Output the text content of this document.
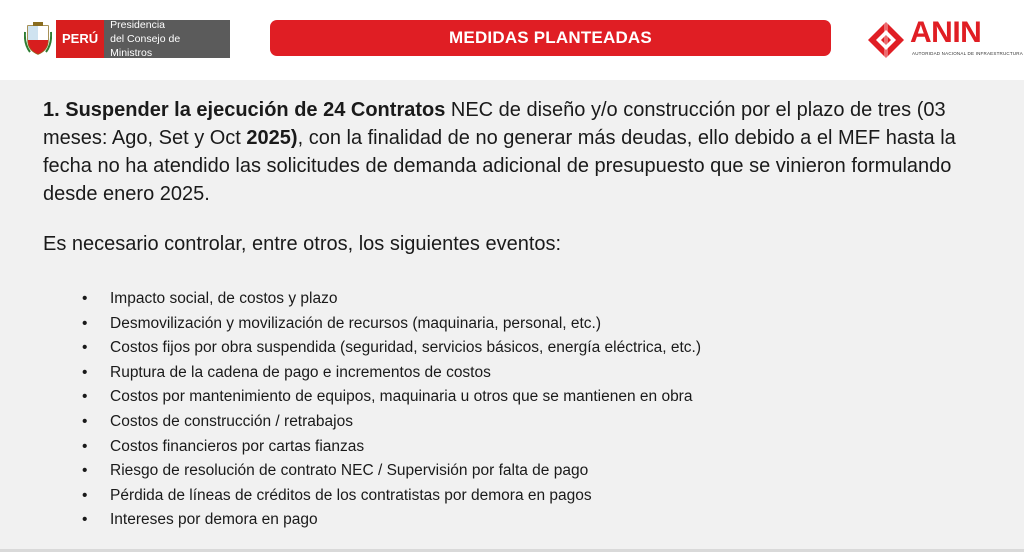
PERÚ
Presidencia
del Consejo de Ministros
MEDIDAS PLANTEADAS	ANIN
AUTORIDAD NACIONAL DE INFRAESTRUCTURA

1. Suspender la ejecución de 24 Contratos NEC de diseño y/o construcción por el plazo de tres (03 meses: Ago, Set y Oct 2025), con la finalidad de no generar más deudas, ello debido a el MEF hasta la fecha no ha atendido las solicitudes de demanda adicional de presupuesto que se vinieron formulando desde enero 2025.

Es necesario controlar, entre otros, los siguientes eventos:

• Impacto social, de costos y plazo
• Desmovilización y movilización de recursos (maquinaria, personal, etc.)
• Costos fijos por obra suspendida (seguridad, servicios básicos, energía eléctrica, etc.)
• Ruptura de la cadena de pago e incrementos de costos
• Costos por mantenimiento de equipos, maquinaria u otros que se mantienen en obra
• Costos de construcción / retrabajos
• Costos financieros por cartas fianzas
• Riesgo de resolución de contrato NEC / Supervisión por falta de pago
• Pérdida de líneas de créditos de los contratistas por demora en pagos
• Intereses por demora en pago
